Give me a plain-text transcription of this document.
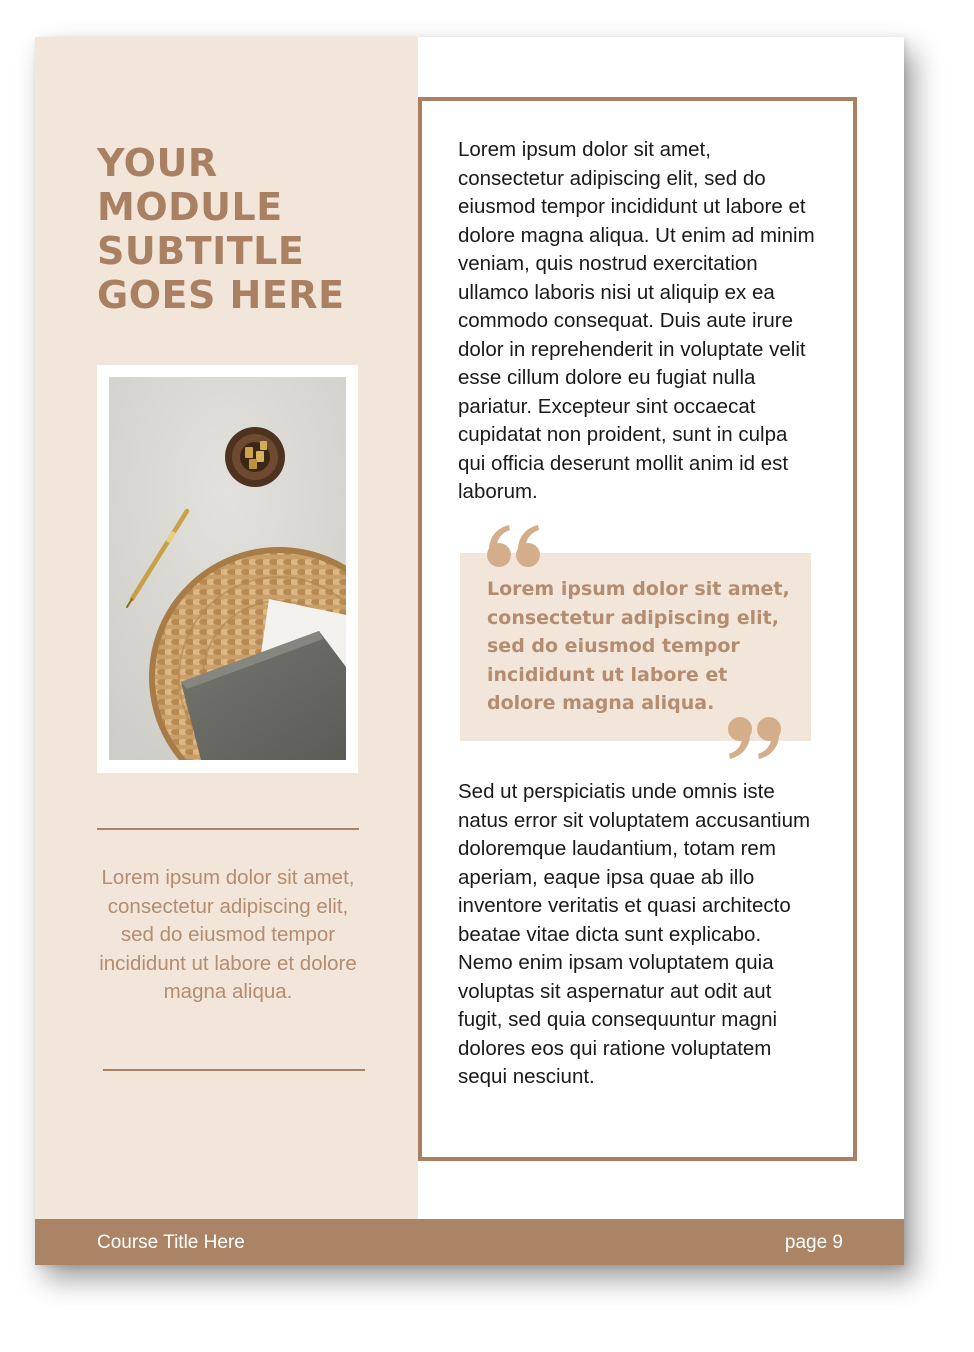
YOUR MODULE SUBTITLE GOES HERE

Lorem ipsum dolor sit amet, consectetur adipiscing elit, sed do eiusmod tempor incididunt ut labore et dolore magna aliqua.

Lorem ipsum dolor sit amet, consectetur adipiscing elit, sed do eiusmod tempor incididunt ut labore et dolore magna aliqua. Ut enim ad minim veniam, quis nostrud exercitation ullamco laboris nisi ut aliquip ex ea commodo consequat. Duis aute irure dolor in reprehenderit in voluptate velit esse cillum dolore eu fugiat nulla pariatur. Excepteur sint occaecat cupidatat non proident, sunt in culpa qui officia deserunt mollit anim id est laborum.

Lorem ipsum dolor sit amet, consectetur adipiscing elit, sed do eiusmod tempor incididunt ut labore et dolore magna aliqua.

Sed ut perspiciatis unde omnis iste natus error sit voluptatem accusantium doloremque laudantium, totam rem aperiam, eaque ipsa quae ab illo inventore veritatis et quasi architecto beatae vitae dicta sunt explicabo. Nemo enim ipsam voluptatem quia voluptas sit aspernatur aut odit aut fugit, sed quia consequuntur magni dolores eos qui ratione voluptatem sequi nesciunt.

Course Title Here	page 9
